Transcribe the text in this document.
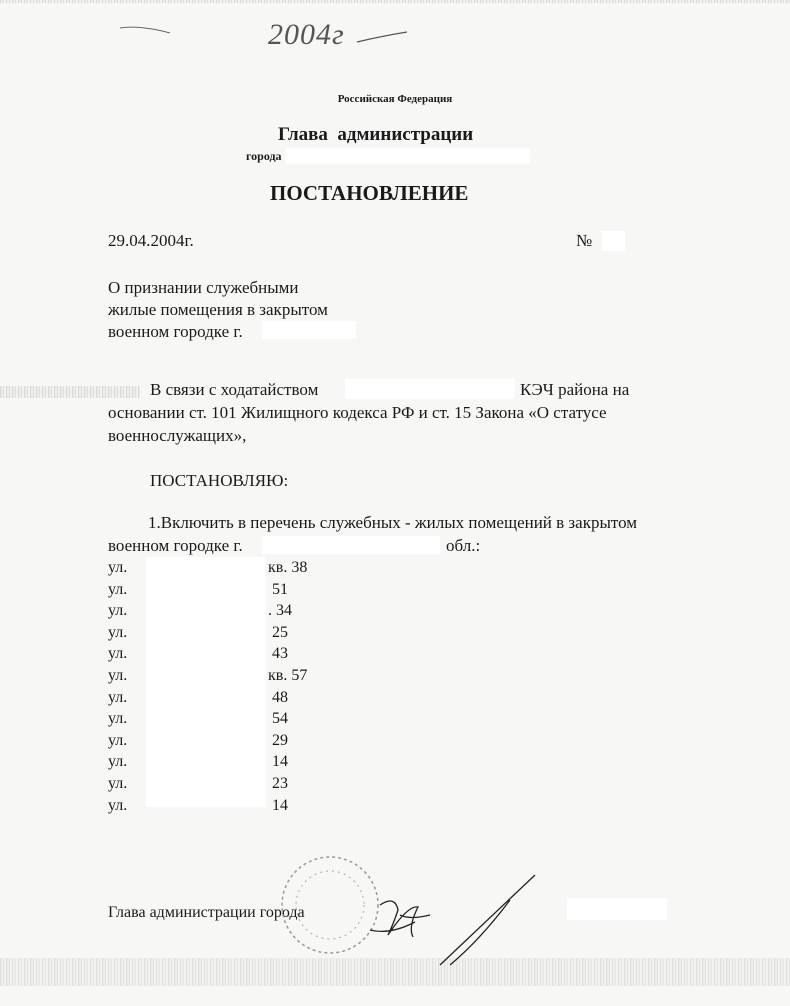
2004г
Российская Федерация
Глава  администрации
города
ПОСТАНОВЛЕНИЕ
29.04.2004г.	№
О признании служебными
жилые помещения в закрытом
военном городке г.
В связи с ходатайством	КЭЧ района на
основании ст. 101 Жилищного кодекса РФ и ст. 15 Закона «О статусе
военнослужащих»,
ПОСТАНОВЛЯЮ:
1.Включить в перечень служебных - жилых помещений в закрытом
военном городке г.	обл.:
ул.	кв. 38
ул.	51
ул.	. 34
ул.	25
ул.	43
ул.	кв. 57
ул.	48
ул.	54
ул.	29
ул.	14
ул.	23
ул.	14
Глава администрации города
